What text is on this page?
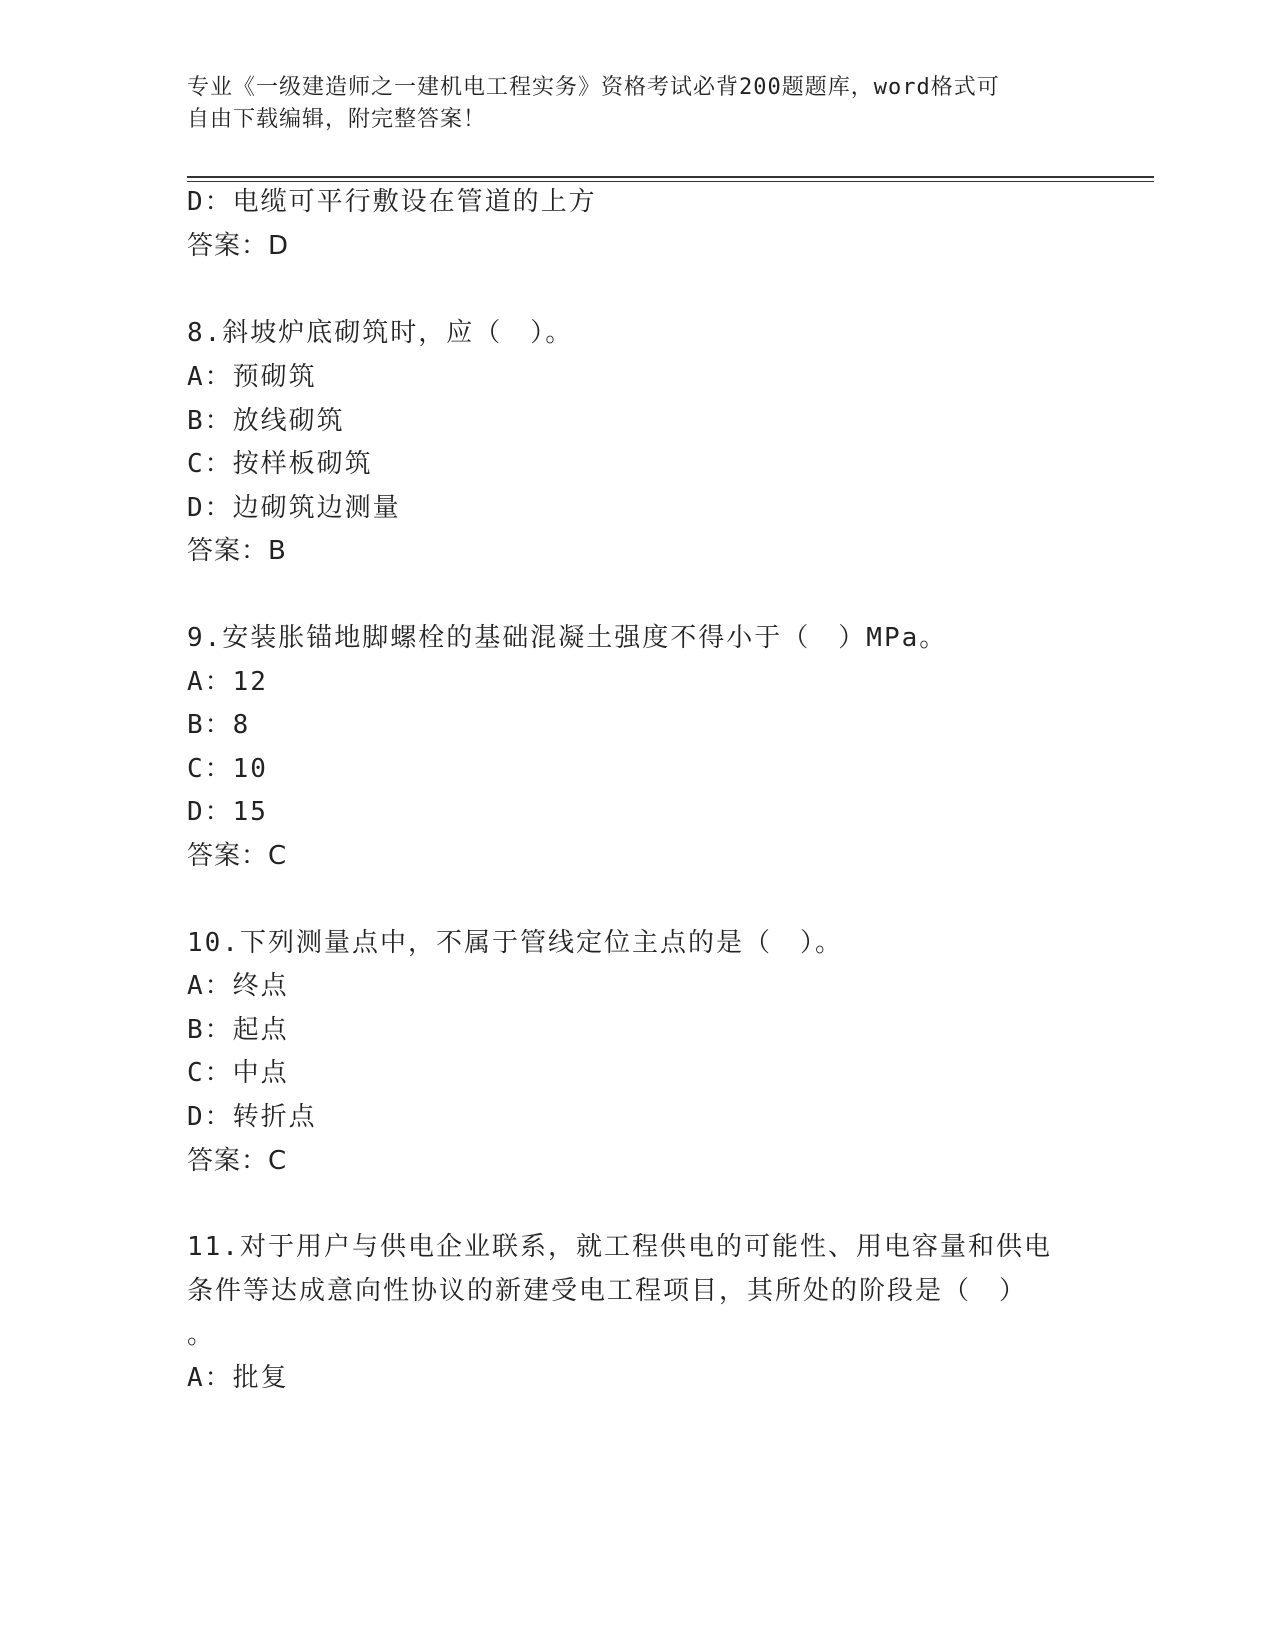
专业《一级建造师之一建机电工程实务》资格考试必背200题题库，word格式可
自由下载编辑，附完整答案！
D：电缆可平行敷设在管道的上方
答案：D
8.斜坡炉底砌筑时，应（　）。
A：预砌筑
B：放线砌筑
C：按样板砌筑
D：边砌筑边测量
答案：B
9.安装胀锚地脚螺栓的基础混凝土强度不得小于（　）MPa。
A：12
B：8
C：10
D：15
答案：C
10.下列测量点中，不属于管线定位主点的是（　）。
A：终点
B：起点
C：中点
D：转折点
答案：C
11.对于用户与供电企业联系，就工程供电的可能性、用电容量和供电
条件等达成意向性协议的新建受电工程项目，其所处的阶段是（　）
。
A：批复
